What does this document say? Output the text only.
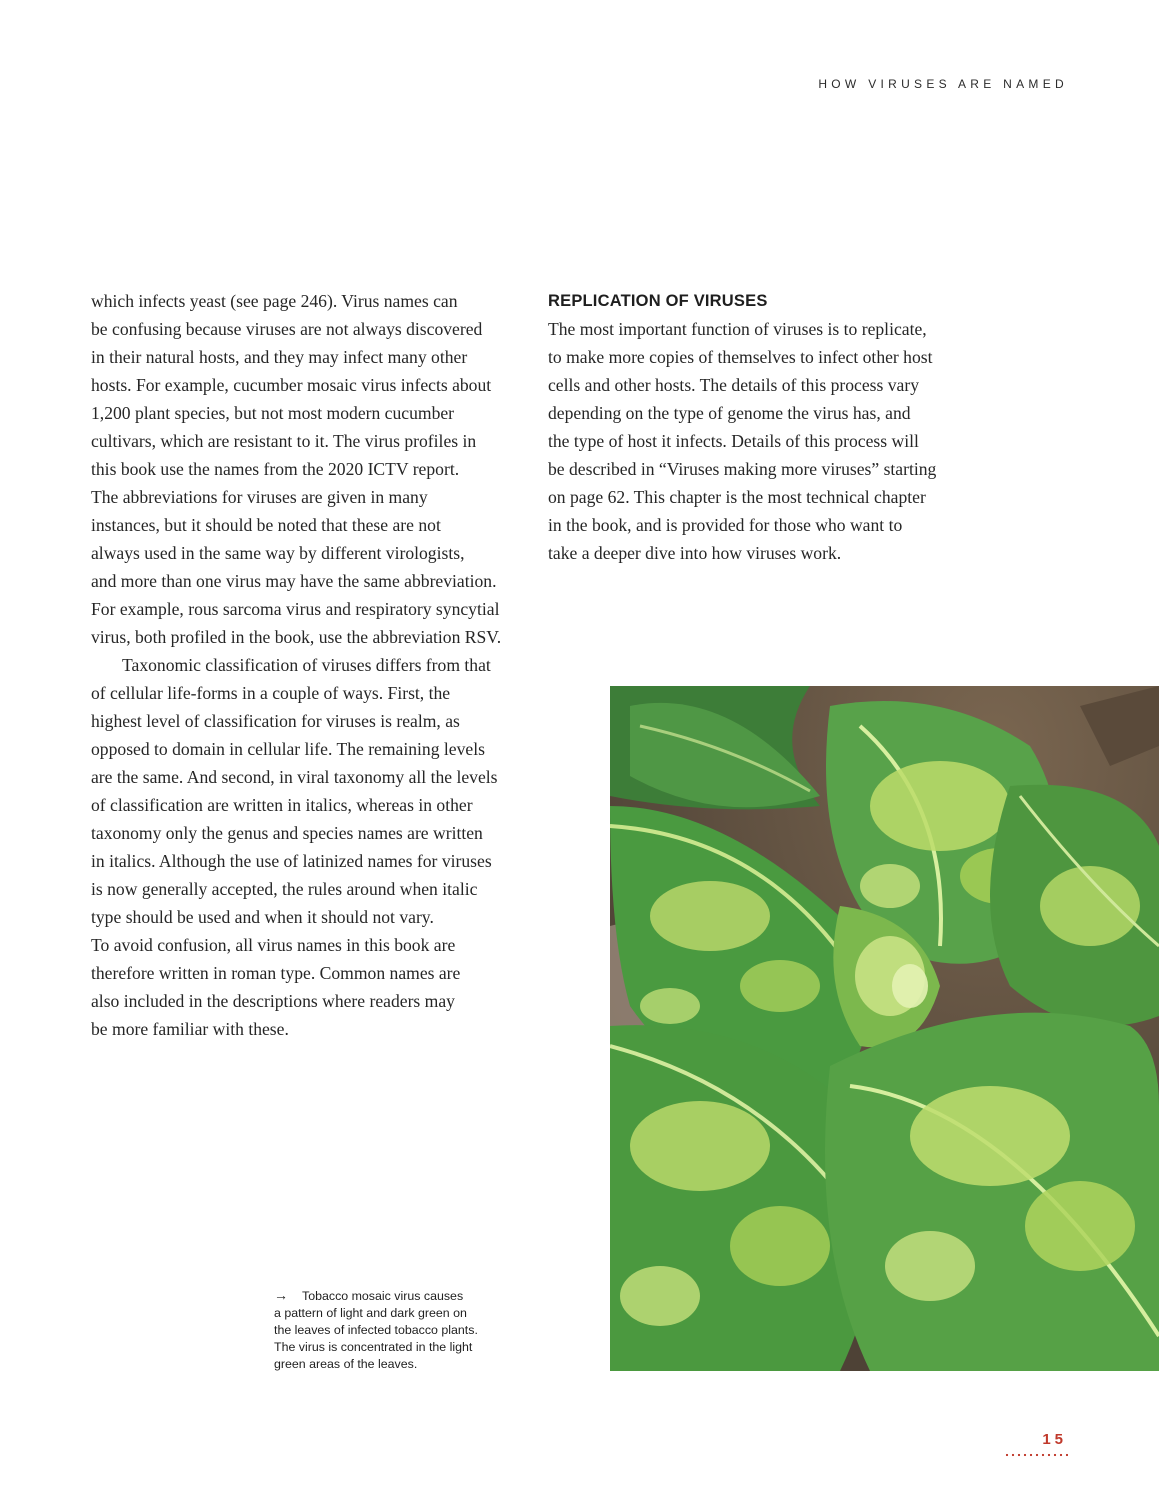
HOW VIRUSES ARE NAMED

which infects yeast (see page 246). Virus names can
be confusing because viruses are not always discovered
in their natural hosts, and they may infect many other
hosts. For example, cucumber mosaic virus infects about
1,200 plant species, but not most modern cucumber
cultivars, which are resistant to it. The virus profiles in
this book use the names from the 2020 ICTV report.
The abbreviations for viruses are given in many
instances, but it should be noted that these are not
always used in the same way by different virologists,
and more than one virus may have the same abbreviation.
For example, rous sarcoma virus and respiratory syncytial
virus, both profiled in the book, use the abbreviation RSV.

Taxonomic classification of viruses differs from that
of cellular life-forms in a couple of ways. First, the
highest level of classification for viruses is realm, as
opposed to domain in cellular life. The remaining levels
are the same. And second, in viral taxonomy all the levels
of classification are written in italics, whereas in other
taxonomy only the genus and species names are written
in italics. Although the use of latinized names for viruses
is now generally accepted, the rules around when italic
type should be used and when it should not vary.
To avoid confusion, all virus names in this book are
therefore written in roman type. Common names are
also included in the descriptions where readers may
be more familiar with these.

REPLICATION OF VIRUSES

The most important function of viruses is to replicate,
to make more copies of themselves to infect other host
cells and other hosts. The details of this process vary
depending on the type of genome the virus has, and
the type of host it infects. Details of this process will
be described in “Viruses making more viruses” starting
on page 62. This chapter is the most technical chapter
in the book, and is provided for those who want to
take a deeper dive into how viruses work.

→ Tobacco mosaic virus causes
a pattern of light and dark green on
the leaves of infected tobacco plants.
The virus is concentrated in the light
green areas of the leaves.
15
